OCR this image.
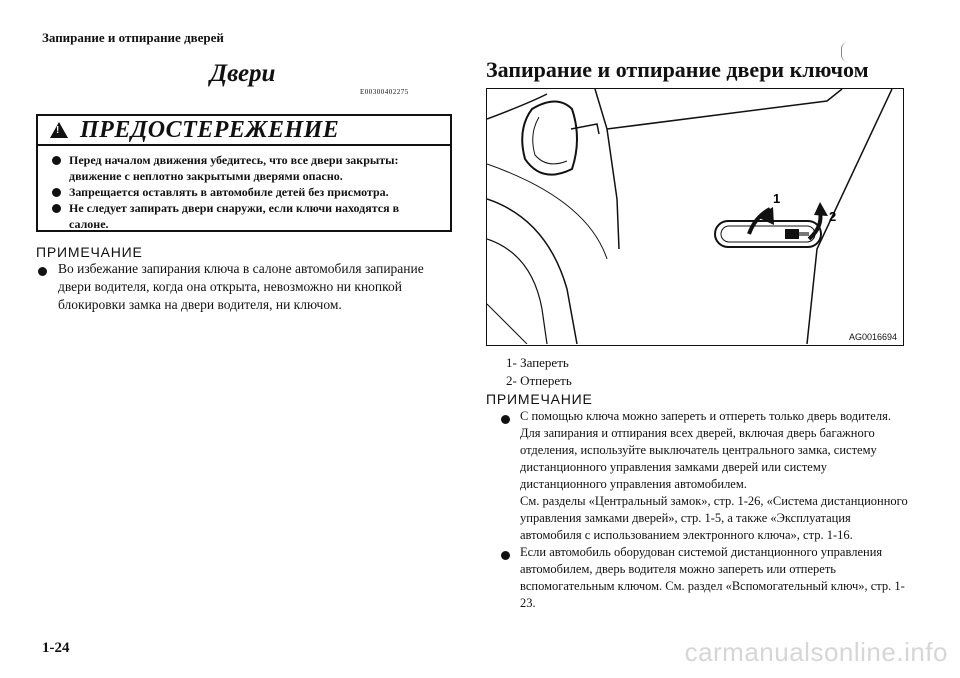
Запирание и отпирание дверей
Двери
E00300402275
!
ПРЕДОСТЕРЕЖЕНИЕ
Перед началом движения убедитесь, что все двери закрыты: движение с неплотно закрытыми дверями опасно.
Запрещается оставлять в автомобиле детей без присмотра.
Не следует запирать двери снаружи, если ключи находятся в салоне.
ПРИМЕЧАНИЕ
Во избежание запирания ключа в салоне автомобиля запирание двери водителя, когда она открыта, невозможно ни кнопкой блокировки замка на двери водителя, ни ключом.
Запирание и отпирание двери ключом
1
2
AG0016694
1- Запереть
2- Отпереть
ПРИМЕЧАНИЕ
С помощью ключа можно запереть и отпереть только дверь водителя.
Для запирания и отпирания всех дверей, включая дверь багажного отделения, используйте выключатель центрального замка, систему дистанционного управления замками дверей или систему дистанционного управления автомобилем.
См. разделы «Центральный замок», стр. 1-26, «Система дистанционного управления замками дверей», стр. 1-5, а также «Эксплуатация автомобиля с использованием электронного ключа», стр. 1-16.
Если автомобиль оборудован системой дистанционного управления автомобилем, дверь водителя можно запереть или отпереть вспомогательным ключом. См. раздел «Вспомогательный ключ», стр. 1-23.
1-24	carmanualsonline.info
